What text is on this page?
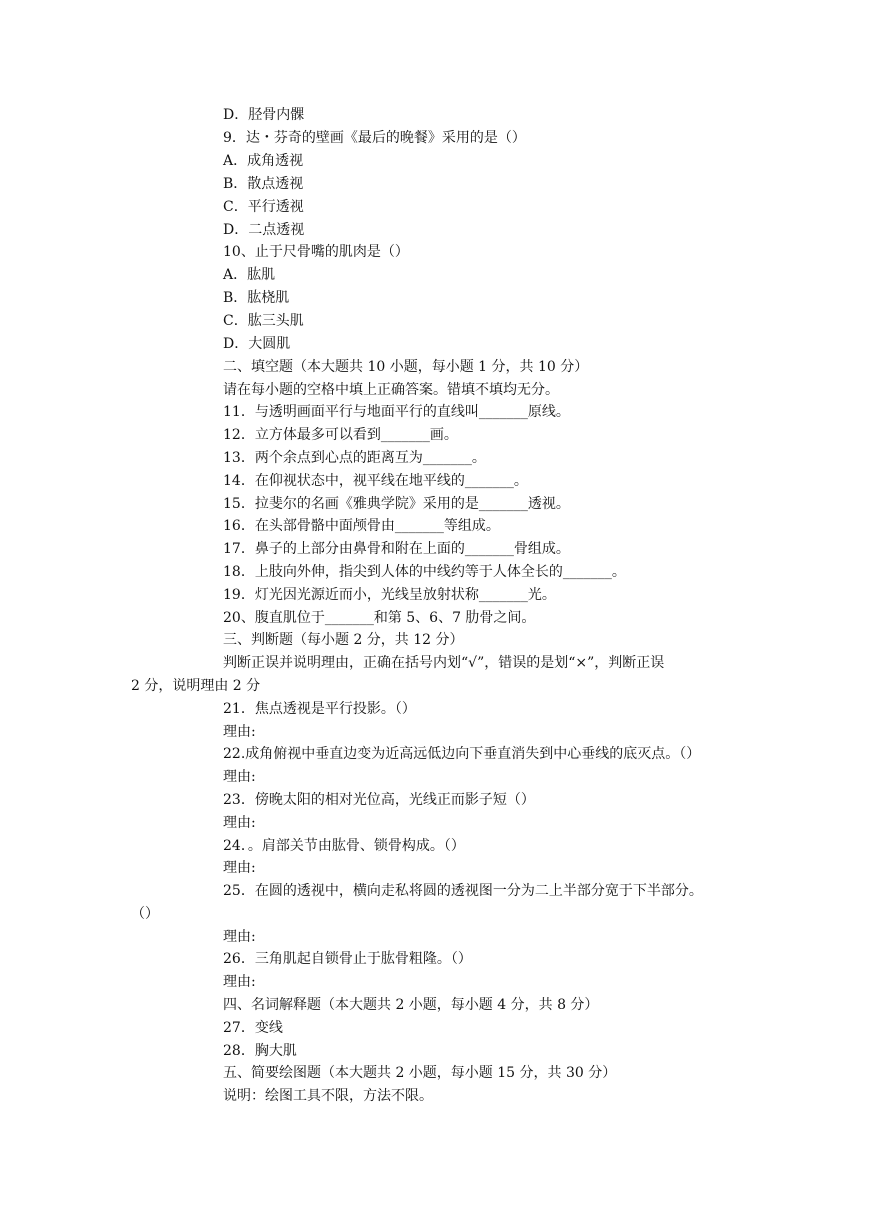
D．胫骨内髁
9．达・芬奇的壁画《最后的晚餐》采用的是（）
A．成角透视
B．散点透视
C．平行透视
D．二点透视
10、止于尺骨嘴的肌肉是（）
A．肱肌
B．肱桡肌
C．肱三头肌
D．大圆肌
二、填空题（本大题共 10 小题，每小题 1 分，共 10 分）
请在每小题的空格中填上正确答案。错填不填均无分。
11．与透明画面平行与地面平行的直线叫_______原线。
12．立方体最多可以看到_______画。
13．两个余点到心点的距离互为_______。
14．在仰视状态中，视平线在地平线的_______。
15．拉斐尔的名画《雅典学院》采用的是_______透视。
16．在头部骨骼中面颅骨由_______等组成。
17．鼻子的上部分由鼻骨和附在上面的_______骨组成。
18．上肢向外伸，指尖到人体的中线约等于人体全长的_______。
19．灯光因光源近而小，光线呈放射状称_______光。
20、腹直肌位于_______和第 5、6、7 肋骨之间。
三、判断题（每小题 2 分，共 12 分）
判断正误并说明理由，正确在括号内划“√”，错误的是划“×”，判断正误
2 分，说明理由 2 分
21．焦点透视是平行投影。（）
理由:
22.成角俯视中垂直边变为近高远低边向下垂直消失到中心垂线的底灭点。（）
理由:
23．傍晚太阳的相对光位高，光线正而影子短（）
理由:
24．。肩部关节由肱骨、锁骨构成。（）
理由:
25．在圆的透视中，横向走私将圆的透视图一分为二上半部分宽于下半部分。
（）
理由:
26．三角肌起自锁骨止于肱骨粗隆。（）
理由:
四、名词解释题（本大题共 2 小题，每小题 4 分，共 8 分）
27．变线
28．胸大肌
五、简要绘图题（本大题共 2 小题，每小题 15 分，共 30 分）
说明：绘图工具不限，方法不限。
